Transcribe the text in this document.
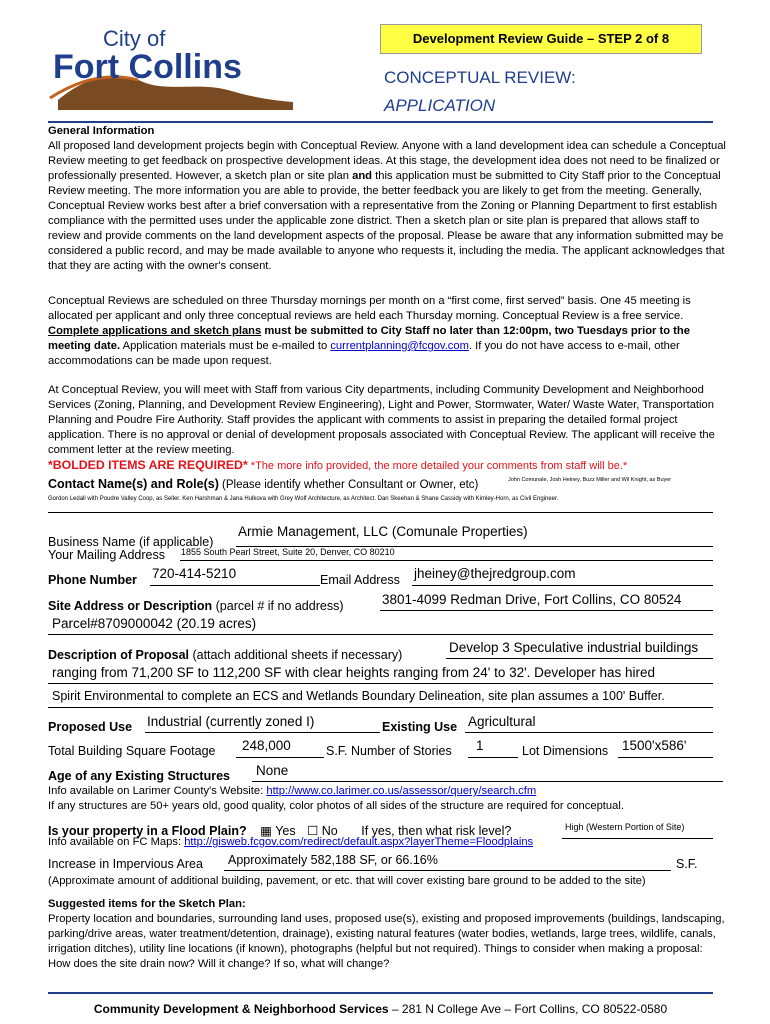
City of
Fort Collins
Development Review Guide – STEP 2 of 8
CONCEPTUAL REVIEW:
APPLICATION
General Information
All proposed land development projects begin with Conceptual Review. Anyone with a land development idea can schedule a Conceptual Review meeting to get feedback on prospective development ideas. At this stage, the development idea does not need to be finalized or professionally presented. However, a sketch plan or site plan and this application must be submitted to City Staff prior to the Conceptual Review meeting. The more information you are able to provide, the better feedback you are likely to get from the meeting. Generally, Conceptual Review works best after a brief conversation with a representative from the Zoning or Planning Department to first establish compliance with the permitted uses under the applicable zone district. Then a sketch plan or site plan is prepared that allows staff to review and provide comments on the land development aspects of the proposal. Please be aware that any information submitted may be considered a public record, and may be made available to anyone who requests it, including the media. The applicant acknowledges that that they are acting with the owner's consent.
Conceptual Reviews are scheduled on three Thursday mornings per month on a “first come, first served” basis. One 45 meeting is allocated per applicant and only three conceptual reviews are held each Thursday morning. Conceptual Review is a free service. Complete applications and sketch plans must be submitted to City Staff no later than 12:00pm, two Tuesdays prior to the meeting date. Application materials must be e-mailed to currentplanning@fcgov.com. If you do not have access to e-mail, other accommodations can be made upon request.
At Conceptual Review, you will meet with Staff from various City departments, including Community Development and Neighborhood Services (Zoning, Planning, and Development Review Engineering), Light and Power, Stormwater, Water/ Waste Water, Transportation Planning and Poudre Fire Authority. Staff provides the applicant with comments to assist in preparing the detailed formal project application. There is no approval or denial of development proposals associated with Conceptual Review. The applicant will receive the comment letter at the review meeting.
*BOLDED ITEMS ARE REQUIRED* *The more info provided, the more detailed your comments from staff will be.*
Contact Name(s) and Role(s) (Please identify whether Consultant or Owner, etc)	John Comunale, Josh Heiney, Buzz Miller and Wil Knight, as Buyer
Gordon Ledall with Poudre Valley Coop, as Seller. Ken Harshman & Jana Hulkova with Grey Wolf Architecture, as Architect. Dan Skeehan & Shane Cassidy with Kimley-Horn, as Civil Engineer.
Business Name (if applicable)
Armie Management, LLC (Comunale Properties)
Your Mailing Address 1855 South Pearl Street, Suite 20, Denver, CO 80210
Phone Number 720-414-5210	Email Address jheiney@thejredgroup.com
Site Address or Description (parcel # if no address)	3801-4099 Redman Drive, Fort Collins, CO 80524
Parcel#8709000042 (20.19 acres)
Description of Proposal (attach additional sheets if necessary)	Develop 3 Speculative industrial buildings
ranging from 71,200 SF to 112,200 SF with clear heights ranging from 24' to 32'. Developer has hired
Spirit Environmental to complete an ECS and Wetlands Boundary Delineation, site plan assumes a 100' Buffer.
Proposed Use Industrial (currently zoned I)	Existing Use Agricultural
Total Building Square Footage 248,000	S.F. Number of Stories 1	Lot Dimensions 1500'x586'
Age of any Existing Structures None
Info available on Larimer County's Website: http://www.co.larimer.co.us/assessor/query/search.cfm
If any structures are 50+ years old, good quality, color photos of all sides of the structure are required for conceptual.
Is your property in a Flood Plain? ▦ Yes ☐ No If yes, then what risk level?	High (Western Portion of Site)
Info available on FC Maps: http://gisweb.fcgov.com/redirect/default.aspx?layerTheme=Floodplains
Increase in Impervious Area Approximately 582,188 SF, or 66.16%	S.F.
(Approximate amount of additional building, pavement, or etc. that will cover existing bare ground to be added to the site)
Suggested items for the Sketch Plan:
Property location and boundaries, surrounding land uses, proposed use(s), existing and proposed improvements (buildings, landscaping, parking/drive areas, water treatment/detention, drainage), existing natural features (water bodies, wetlands, large trees, wildlife, canals, irrigation ditches), utility line locations (if known), photographs (helpful but not required). Things to consider when making a proposal: How does the site drain now? Will it change? If so, what will change?
Community Development & Neighborhood Services – 281 N College Ave – Fort Collins, CO 80522-0580
